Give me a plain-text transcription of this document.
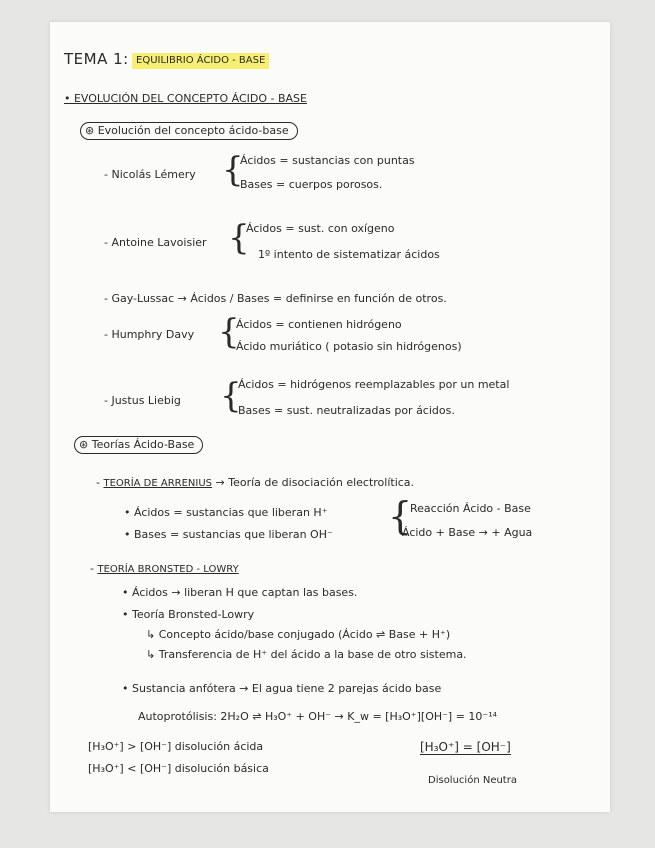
TEMA 1: EQUILIBRIO ÁCIDO - BASE
• EVOLUCIÓN DEL CONCEPTO ÁCIDO - BASE
⊛ Evolución del concepto ácido-base
- Nicolás Lémery {
Ácidos = sustancias con puntas
Bases = cuerpos porosos.
- Antoine Lavoisier {
Ácidos = sust. con oxígeno
1º intento de sistematizar ácidos
- Gay-Lussac → Ácidos / Bases = definirse en función de otros.
- Humphry Davy {
Ácidos = contienen hidrógeno
Ácido muriático ( potasio sin hidrógenos)
- Justus Liebig {
Ácidos = hidrógenos reemplazables por un metal
Bases = sust. neutralizadas por ácidos.
⊛ Teorías Ácido-Base
- TEORÍA DE ARRENIUS → Teoría de disociación electrolítica.
• Ácidos = sustancias que liberan H⁺
• Bases = sustancias que liberan OH⁻ {
Reacción Ácido - Base
Ácido + Base → + Agua
- TEORÍA BRONSTED - LOWRY
• Ácidos → liberan H que captan las bases.
• Teoría Bronsted-Lowry
↳ Concepto ácido/base conjugado (Ácido ⇌ Base + H⁺)
↳ Transferencia de H⁺ del ácido a la base de otro sistema.
• Sustancia anfótera → El agua tiene 2 parejas ácido base
Autoprotólisis: 2H₂O ⇌ H₃O⁺ + OH⁻ → K_w = [H₃O⁺][OH⁻] = 10⁻¹⁴
[H₃O⁺] > [OH⁻] disolución ácida
[H₃O⁺] < [OH⁻] disolución básica
[H₃O⁺] = [OH⁻]
Disolución Neutra
